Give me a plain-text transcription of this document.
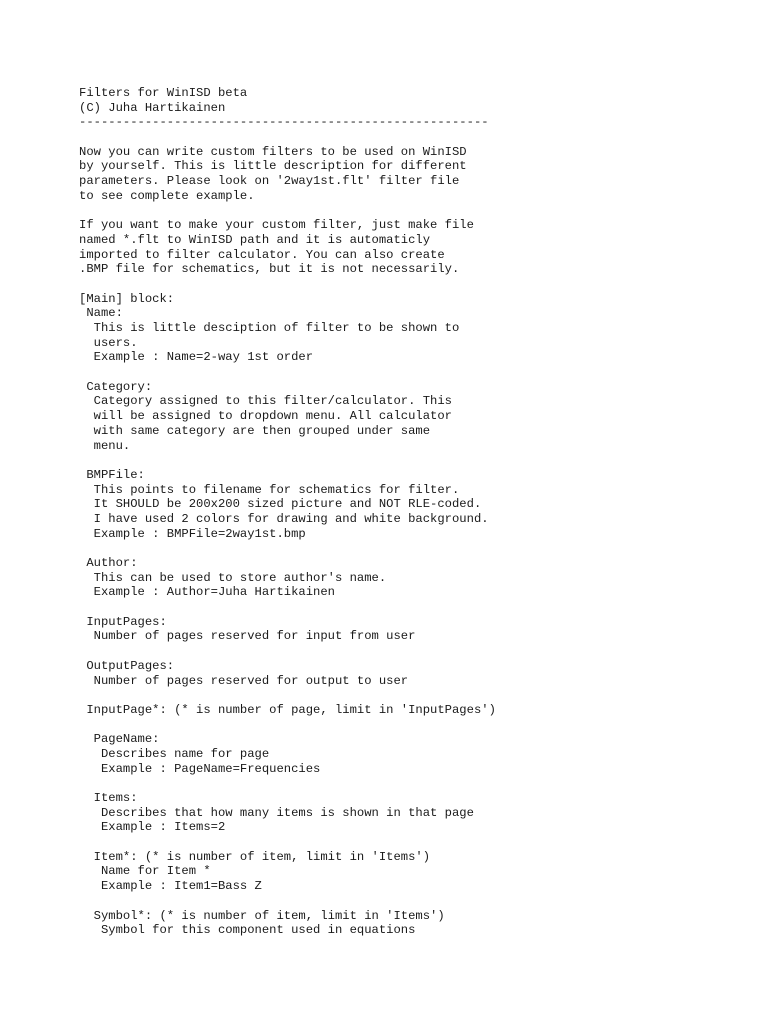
Filters for WinISD beta
(C) Juha Hartikainen
--------------------------------------------------------
Now you can write custom filters to be used on WinISD
by yourself. This is little description for different
parameters. Please look on '2way1st.flt' filter file
to see complete example.
If you want to make your custom filter, just make file
named *.flt to WinISD path and it is automaticly
imported to filter calculator. You can also create
.BMP file for schematics, but it is not necessarily.
[Main] block:
Name:
This is little desciption of filter to be shown to
users.
Example : Name=2-way 1st order
Category:
Category assigned to this filter/calculator. This
will be assigned to dropdown menu. All calculator
with same category are then grouped under same
menu.
BMPFile:
This points to filename for schematics for filter.
It SHOULD be 200x200 sized picture and NOT RLE-coded.
I have used 2 colors for drawing and white background.
Example : BMPFile=2way1st.bmp
Author:
This can be used to store author's name.
Example : Author=Juha Hartikainen
InputPages:
Number of pages reserved for input from user
OutputPages:
Number of pages reserved for output to user
InputPage*: (* is number of page, limit in 'InputPages')
PageName:
Describes name for page
Example : PageName=Frequencies
Items:
Describes that how many items is shown in that page
Example : Items=2
Item*: (* is number of item, limit in 'Items')
Name for Item *
Example : Item1=Bass Z
Symbol*: (* is number of item, limit in 'Items')
Symbol for this component used in equations
